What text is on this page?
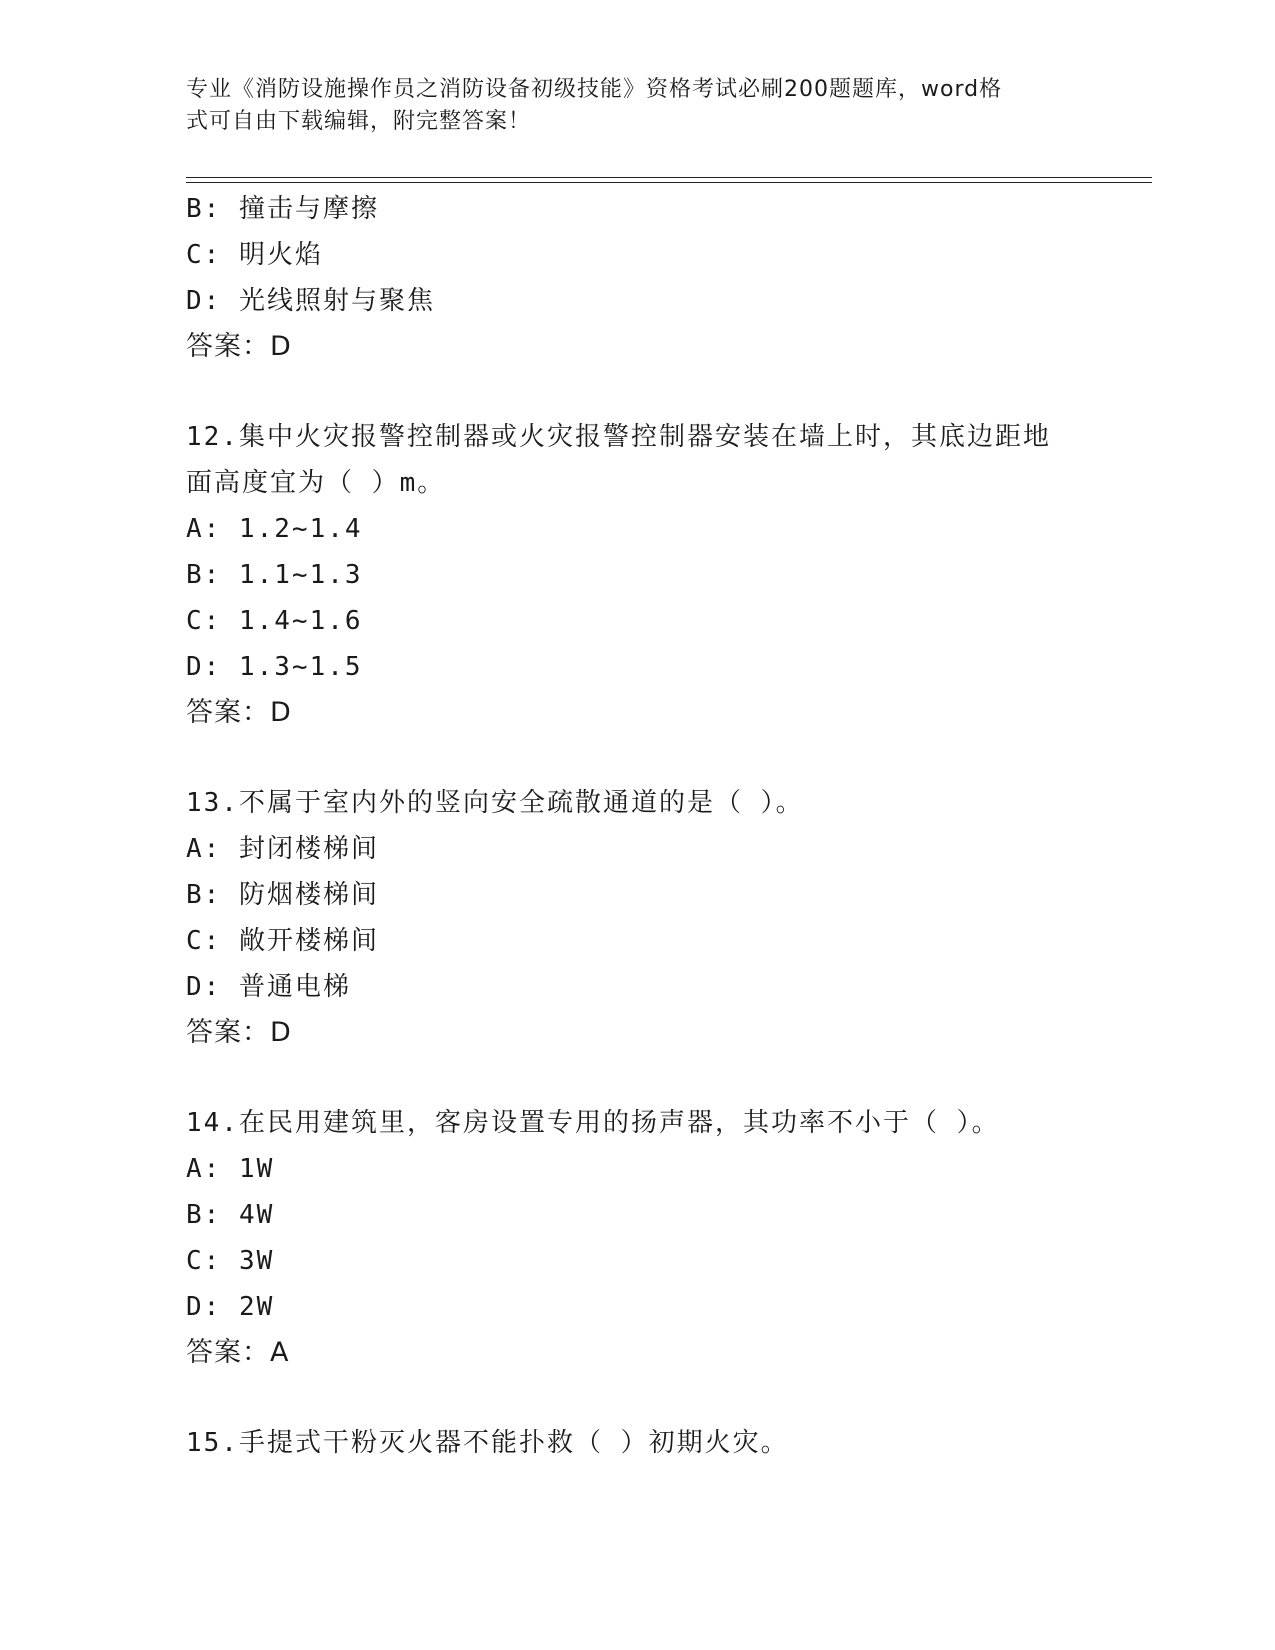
专业《消防设施操作员之消防设备初级技能》资格考试必刷200题题库，word格
式可自由下载编辑，附完整答案！
B: 撞击与摩擦
C: 明火焰
D: 光线照射与聚焦
答案：D
12.集中火灾报警控制器或火灾报警控制器安装在墙上时，其底边距地
面高度宜为（ ）m。
A: 1.2~1.4
B: 1.1~1.3
C: 1.4~1.6
D: 1.3~1.5
答案：D
13.不属于室内外的竖向安全疏散通道的是（ ）。
A: 封闭楼梯间
B: 防烟楼梯间
C: 敞开楼梯间
D: 普通电梯
答案：D
14.在民用建筑里，客房设置专用的扬声器，其功率不小于（ ）。
A: 1W
B: 4W
C: 3W
D: 2W
答案：A
15.手提式干粉灭火器不能扑救（ ）初期火灾。
